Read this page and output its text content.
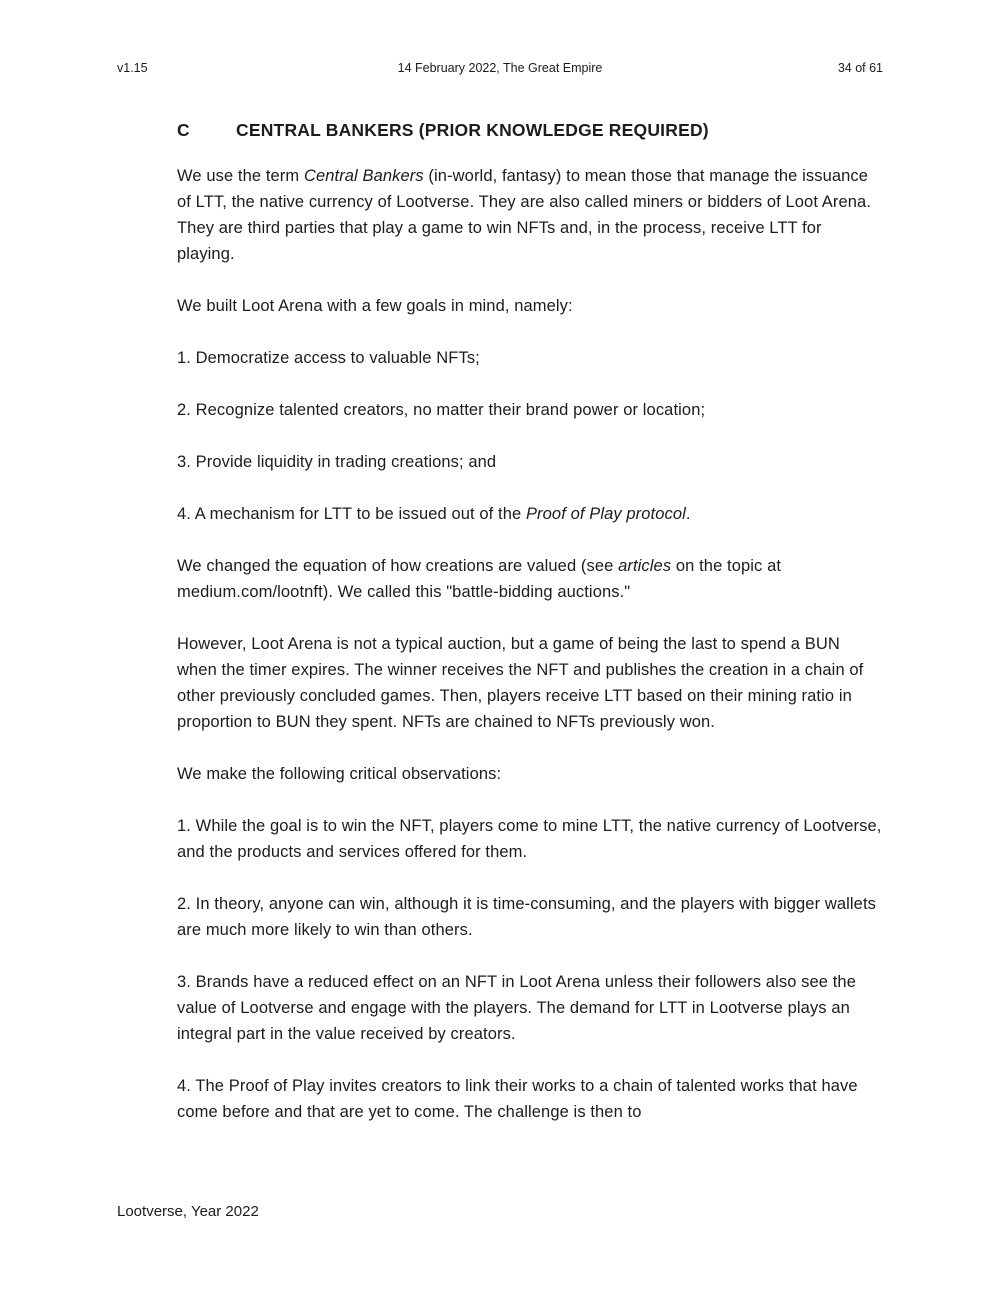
v1.15	14 February 2022, The Great Empire	34 of 61
C	CENTRAL BANKERS (PRIOR KNOWLEDGE REQUIRED)

We use the term Central Bankers (in-world, fantasy) to mean those that manage the issuance of LTT, the native currency of Lootverse. They are also called miners or bidders of Loot Arena. They are third parties that play a game to win NFTs and, in the process, receive LTT for playing.

We built Loot Arena with a few goals in mind, namely:

1. Democratize access to valuable NFTs;

2. Recognize talented creators, no matter their brand power or location;

3. Provide liquidity in trading creations; and

4. A mechanism for LTT to be issued out of the Proof of Play protocol.

We changed the equation of how creations are valued (see articles on the topic at medium.com/lootnft). We called this "battle-bidding auctions."

However, Loot Arena is not a typical auction, but a game of being the last to spend a BUN when the timer expires. The winner receives the NFT and publishes the creation in a chain of other previously concluded games. Then, players receive LTT based on their mining ratio in proportion to BUN they spent. NFTs are chained to NFTs previously won.

We make the following critical observations:

1. While the goal is to win the NFT, players come to mine LTT, the native currency of Lootverse, and the products and services offered for them.

2. In theory, anyone can win, although it is time-consuming, and the players with bigger wallets are much more likely to win than others.

3. Brands have a reduced effect on an NFT in Loot Arena unless their followers also see the value of Lootverse and engage with the players. The demand for LTT in Lootverse plays an integral part in the value received by creators.

4. The Proof of Play invites creators to link their works to a chain of talented works that have come before and that are yet to come. The challenge is then to

Lootverse, Year 2022
